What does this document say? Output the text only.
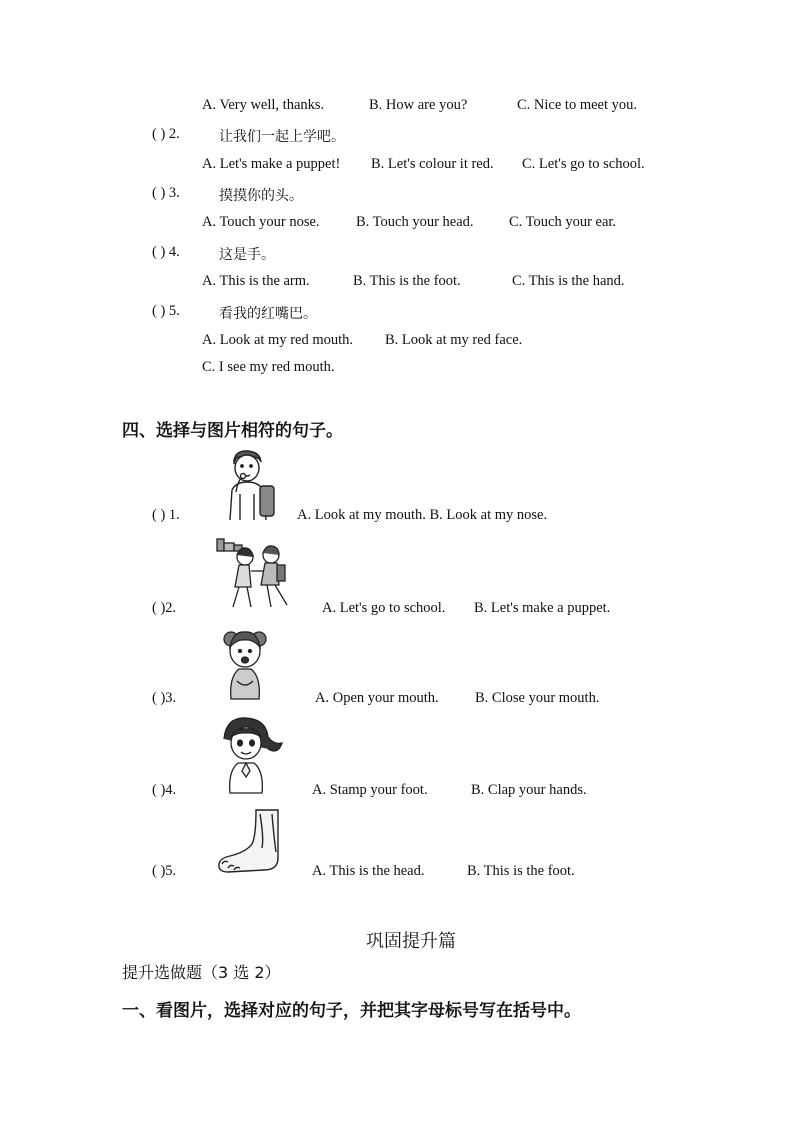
A. Very well, thanks.	B. How are you?	C. Nice to meet you.
( ) 2.	让我们一起上学吧。
A. Let's make a puppet! B. Let's colour it red. C. Let's go to school.
( ) 3.	摸摸你的头。
A. Touch your nose.	B. Touch your head. C. Touch your ear.
( ) 4.	这是手。
A. This is the arm.	B. This is the foot.	C. This is the hand.
( ) 5.	看我的红嘴巴。
A. Look at my red mouth. B. Look at my red face.
C. I see my red mouth.
四、选择与图片相符的句子。
( ) 1.	A. Look at my mouth. B. Look at my nose.
( )2.	A. Let's go to school. B. Let's make a puppet.
( )3.	A. Open your mouth.	B. Close your mouth.
( )4.	A. Stamp your foot.	B. Clap your hands.
( )5.	A. This is the head.	B. This is the foot.
巩固提升篇
提升选做题（3 选 2）
一、看图片，选择对应的句子，并把其字母标号写在括号中。
